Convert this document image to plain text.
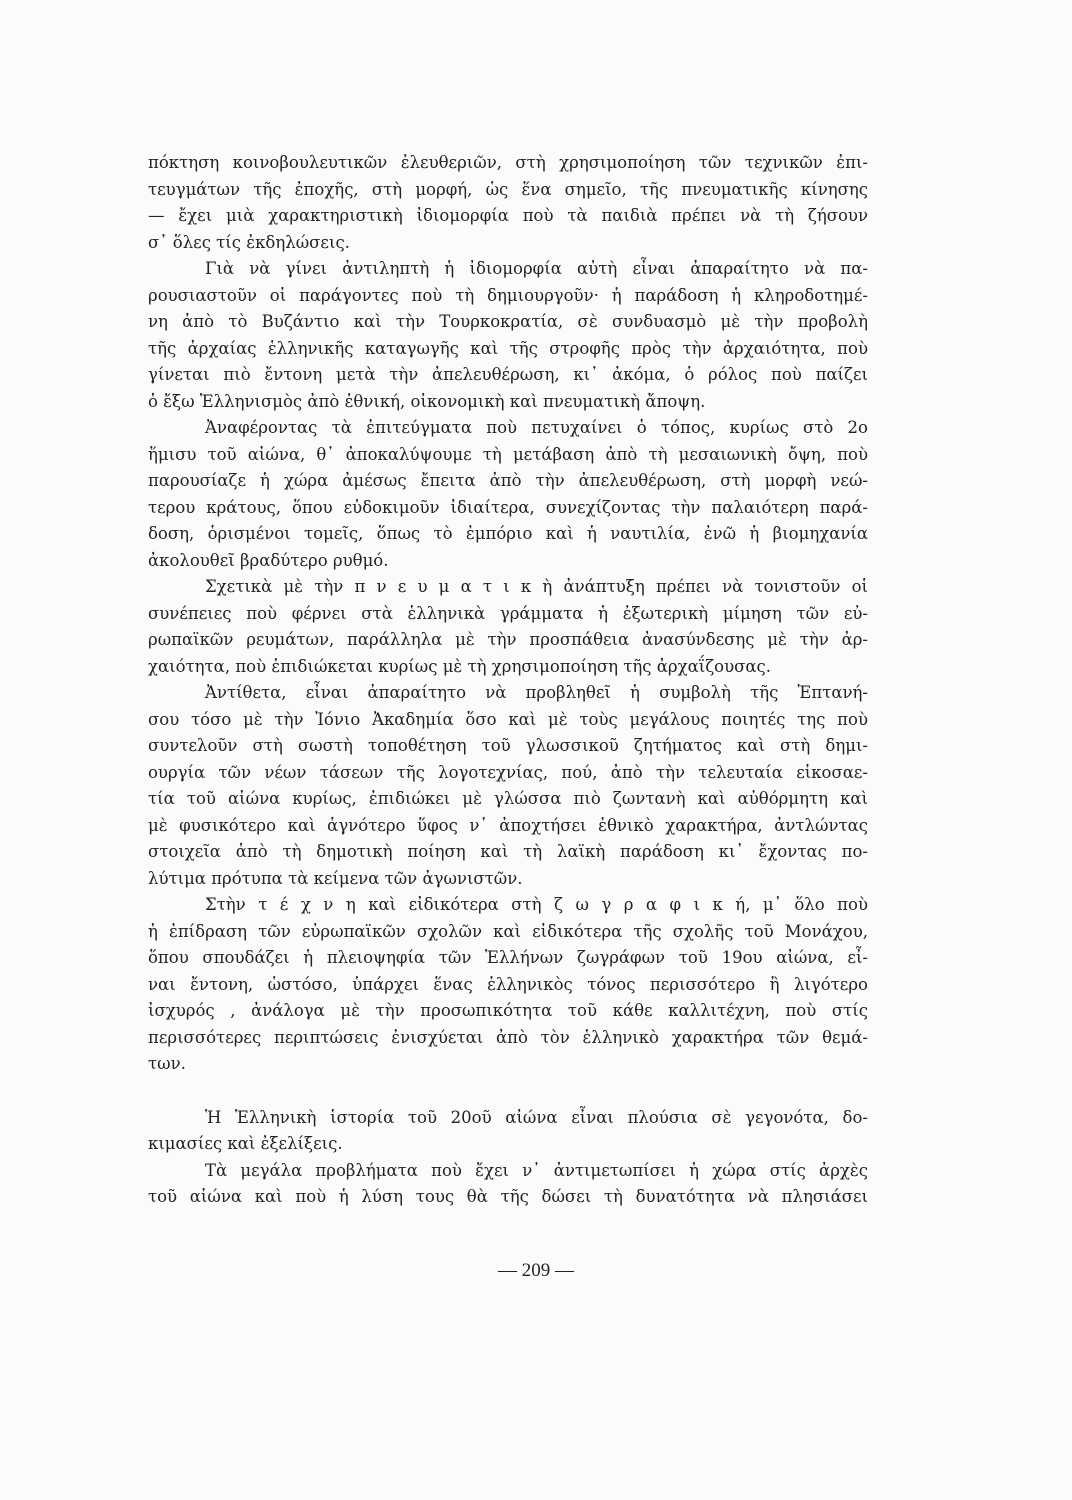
πόκτηση κοινοβουλευτικῶν ἐλευθεριῶν, στὴ χρησιμοποίηση τῶν τεχνικῶν ἐπι-
τευγμάτων τῆς ἐποχῆς, στὴ μορφή, ὡς ἕνα σημεῖο, τῆς πνευματικῆς κίνησης
— ἔχει μιὰ χαρακτηριστικὴ ἰδιομορφία ποὺ τὰ παιδιὰ πρέπει νὰ τὴ ζήσουν
σ᾽ ὅλες τίς ἐκδηλώσεις.
Γιὰ νὰ γίνει ἀντιληπτὴ ἡ ἰδιομορφία αὐτὴ εἶναι ἀπαραίτητο νὰ πα-
ρουσιαστοῦν οἱ παράγοντες ποὺ τὴ δημιουργοῦν· ἡ παράδοση ἡ κληροδοτημέ-
νη ἀπὸ τὸ Βυζάντιο καὶ τὴν Τουρκοκρατία, σὲ συνδυασμὸ μὲ τὴν προβολὴ
τῆς ἀρχαίας ἑλληνικῆς καταγωγῆς καὶ τῆς στροφῆς πρὸς τὴν ἀρχαιότητα, ποὺ
γίνεται πιὸ ἔντονη μετὰ τὴν ἀπελευθέρωση, κι᾽ ἀκόμα, ὁ ρόλος ποὺ παίζει
ὁ ἔξω Ἑλληνισμὸς ἀπὸ ἐθνική, οἰκονομικὴ καὶ πνευματικὴ ἄποψη.
Ἀναφέροντας τὰ ἐπιτεύγματα ποὺ πετυχαίνει ὁ τόπος, κυρίως στὸ 2ο
ἥμισυ τοῦ αἰώνα, θ᾽ ἀποκαλύψουμε τὴ μετάβαση ἀπὸ τὴ μεσαιωνικὴ ὄψη, ποὺ
παρουσίαζε ἡ χώρα ἀμέσως ἔπειτα ἀπὸ τὴν ἀπελευθέρωση, στὴ μορφὴ νεώ-
τερου κράτους, ὅπου εὐδοκιμοῦν ἰδιαίτερα, συνεχίζοντας τὴν παλαιότερη παρά-
δοση, ὁρισμένοι τομεῖς, ὅπως τὸ ἐμπόριο καὶ ἡ ναυτιλία, ἐνῶ ἡ βιομηχανία
ἀκολουθεῖ βραδύτερο ρυθμό.
Σχετικὰ μὲ τὴν π ν ε υ μ α τ ι κ ὴ ἀνάπτυξη πρέπει νὰ τονιστοῦν οἱ
συνέπειες ποὺ φέρνει στὰ ἑλληνικὰ γράμματα ἡ ἐξωτερικὴ μίμηση τῶν εὐ-
ρωπαϊκῶν ρευμάτων, παράλληλα μὲ τὴν προσπάθεια ἀνασύνδεσης μὲ τὴν ἀρ-
χαιότητα, ποὺ ἐπιδιώκεται κυρίως μὲ τὴ χρησιμοποίηση τῆς ἀρχαΐζουσας.
Ἀντίθετα, εἶναι ἀπαραίτητο νὰ προβληθεῖ ἡ συμβολὴ τῆς Ἑπτανή-
σου τόσο μὲ τὴν Ἰόνιο Ἀκαδημία ὅσο καὶ μὲ τοὺς μεγάλους ποιητές της ποὺ
συντελοῦν στὴ σωστὴ τοποθέτηση τοῦ γλωσσικοῦ ζητήματος καὶ στὴ δημι-
ουργία τῶν νέων τάσεων τῆς λογοτεχνίας, πού, ἀπὸ τὴν τελευταία εἰκοσαε-
τία τοῦ αἰώνα κυρίως, ἐπιδιώκει μὲ γλώσσα πιὸ ζωντανὴ καὶ αὐθόρμητη καὶ
μὲ φυσικότερο καὶ ἁγνότερο ὕφος ν᾽ ἀποχτήσει ἐθνικὸ χαρακτήρα, ἀντλώντας
στοιχεῖα ἀπὸ τὴ δημοτικὴ ποίηση καὶ τὴ λαϊκὴ παράδοση κι᾽ ἔχοντας πο-
λύτιμα πρότυπα τὰ κείμενα τῶν ἀγωνιστῶν.
Στὴν τ έ χ ν η καὶ εἰδικότερα στὴ ζ ω γ ρ α φ ι κ ή, μ᾽ ὅλο ποὺ
ἡ ἐπίδραση τῶν εὐρωπαϊκῶν σχολῶν καὶ εἰδικότερα τῆς σχολῆς τοῦ Μονάχου,
ὅπου σπουδάζει ἡ πλειοψηφία τῶν Ἑλλήνων ζωγράφων τοῦ 19ου αἰώνα, εἶ-
ναι ἔντονη, ὡστόσο, ὑπάρχει ἕνας ἑλληνικὸς τόνος περισσότερο ἢ λιγότερο
ἰσχυρός , ἀνάλογα μὲ τὴν προσωπικότητα τοῦ κάθε καλλιτέχνη, ποὺ στίς
περισσότερες περιπτώσεις ἐνισχύεται ἀπὸ τὸν ἑλληνικὸ χαρακτήρα τῶν θεμά-
των.
Ἡ Ἑλληνικὴ ἱστορία τοῦ 20οῦ αἰώνα εἶναι πλούσια σὲ γεγονότα, δο-
κιμασίες καὶ ἐξελίξεις.
Τὰ μεγάλα προβλήματα ποὺ ἔχει ν᾽ ἀντιμετωπίσει ἡ χώρα στίς ἀρχὲς
τοῦ αἰώνα καὶ ποὺ ἡ λύση τους θὰ τῆς δώσει τὴ δυνατότητα νὰ πλησιάσει
— 209 —
